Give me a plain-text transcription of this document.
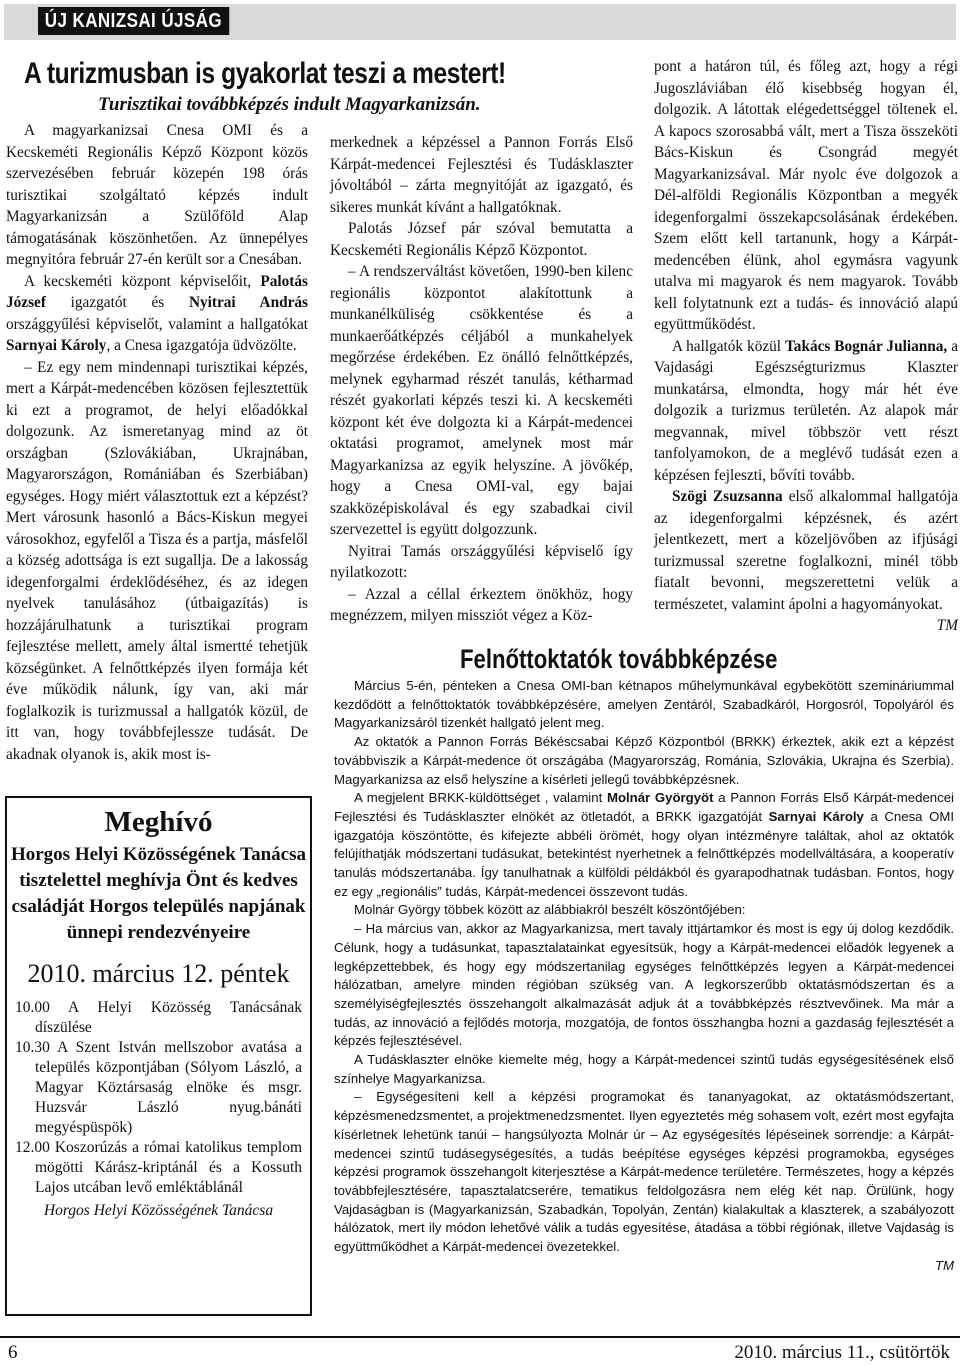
ÚJ KANIZSAI ÚJSÁG
A turizmusban is gyakorlat teszi a mestert!
Turisztikai továbbképzés indult Magyarkanizsán.

A magyarkanizsai Cnesa OMI és a Kecskeméti Regionális Képző Központ közös szervezésében február közepén 198 órás turisztikai szolgáltató képzés indult Magyarkanizsán a Szülőföld Alap támogatásának köszönhetően. Az ünnepélyes megnyitóra február 27-én került sor a Cnesában.

A kecskeméti központ képviselőit, Palotás József igazgatót és Nyitrai András országgyűlési képviselőt, valamint a hallgatókat Sarnyai Károly, a Cnesa igazgatója üdvözölte.

– Ez egy nem mindennapi turisztikai képzés, mert a Kárpát-medencében közösen fejlesztettük ki ezt a programot, de helyi előadókkal dolgozunk. Az ismeretanyag mind az öt országban (Szlovákiában, Ukrajnában, Magyarországon, Romániában és Szerbiában) egységes. Hogy miért választottuk ezt a képzést? Mert városunk hasonló a Bács-Kiskun megyei városokhoz, egyfelől a Tisza és a partja, másfelől a község adottsága is ezt sugallja. De a lakosság idegenforgalmi érdeklődéséhez, és az idegen nyelvek tanulásához (útbaigazítás) is hozzájárulhatunk a turisztikai program fejlesztése mellett, amely által ismertté tehetjük községünket. A felnőttképzés ilyen formája két éve működik nálunk, így van, aki már foglalkozik is turizmussal a hallgatók közül, de itt van, hogy továbbfejlessze tudását. De akadnak olyanok is, akik most is-

merkednek a képzéssel a Pannon Forrás Első Kárpát-medencei Fejlesztési és Tudásklaszter jóvoltából – zárta megnyitóját az igazgató, és sikeres munkát kívánt a hallgatóknak.

Palotás József pár szóval bemutatta a Kecskeméti Regionális Képző Központot.

– A rendszerváltást követően, 1990-ben kilenc regionális központot alakítottunk a munkanélküliség csökkentése és a munkaerőátképzés céljából a munkahelyek megőrzése érdekében. Ez önálló felnőttképzés, melynek egyharmad részét tanulás, kétharmad részét gyakorlati képzés teszi ki. A kecskeméti központ két éve dolgozta ki a Kárpát-medencei oktatási programot, amelynek most már Magyarkanizsa az egyik helyszíne. A jövőkép, hogy a Cnesa OMI-val, egy bajai szakközépiskolával és egy szabadkai civil szervezettel is együtt dolgozzunk.

Nyitrai Tamás országgyűlési képviselő így nyilatkozott:

– Azzal a céllal érkeztem önökhöz, hogy megnézzem, milyen missziót végez a Köz-

pont a határon túl, és főleg azt, hogy a régi Jugoszláviában élő kisebbség hogyan él, dolgozik. A látottak elégedettséggel töltenek el. A kapocs szorosabbá vált, mert a Tisza összeköti Bács-Kiskun és Csongrád megyét Magyarkanizsával. Már nyolc éve dolgozok a Dél-alföldi Regionális Központban a megyék idegenforgalmi összekapcsolásának érdekében. Szem előtt kell tartanunk, hogy a Kárpát-medencében élünk, ahol egymásra vagyunk utalva mi magyarok és nem magyarok. Tovább kell folytatnunk ezt a tudás- és innováció alapú együttműködést.

A hallgatók közül Takács Bognár Julianna, a Vajdasági Egészségturizmus Klaszter munkatársa, elmondta, hogy már hét éve dolgozik a turizmus területén. Az alapok már megvannak, mivel többször vett részt tanfolyamokon, de a meglévő tudását ezen a képzésen fejleszti, bővíti tovább.

Szögi Zsuzsanna első alkalommal hallgatója az idegenforgalmi képzésnek, és azért jelentkezett, mert a közeljövőben az ifjúsági turizmussal szeretne foglalkozni, minél több fiatalt bevonni, megszerettetni velük a természetet, valamint ápolni a hagyományokat.

TM
Meghívó
Horgos Helyi Közösségének Tanácsa tisztelettel meghívja Önt és kedves családját Horgos település napjának ünnepi rendezvényeire
2010. március 12. péntek

10.00 A Helyi Közösség Tanácsának díszülése

10.30 A Szent István mellszobor avatása a település központjában (Sólyom László, a Magyar Köztársaság elnöke és msgr. Huzsvár László nyug.bánáti megyéspüspök)

12.00 Koszorúzás a római katolikus templom mögötti Kárász-kriptánál és a Kossuth Lajos utcában levő emléktáblánál

Horgos Helyi Közösségének Tanácsa
Felnőttoktatók továbbképzése

Március 5-én, pénteken a Cnesa OMI-ban kétnapos műhelymunkával egybekötött szemináriummal kezdődött a felnőttoktatók továbbképzésére, amelyen Zentáról, Szabadkáról, Horgosról, Topolyáról és Magyarkanizsáról tizenkét hallgató jelent meg.

Az oktatók a Pannon Forrás Békéscsabai Képző Központból (BRKK) érkeztek, akik ezt a képzést továbbviszik a Kárpát-medence öt országába (Magyarország, Románia, Szlovákia, Ukrajna és Szerbia). Magyarkanizsa az első helyszíne a kísérleti jellegű továbbképzésnek.

A megjelent BRKK-küldöttséget , valamint Molnár Györgyöt a Pannon Forrás Első Kárpát-medencei Fejlesztési és Tudásklaszter elnökét az ötletadót, a BRKK igazgatóját Sarnyai Károly a Cnesa OMI igazgatója köszöntötte, és kifejezte abbéli örömét, hogy olyan intézményre találtak, ahol az oktatók felújíthatják módszertani tudásukat, betekintést nyerhetnek a felnőttképzés modellváltására, a kooperatív tanulás módszertanába. Így tanulhatnak a külföldi példákból és gyarapodhatnak tudásban. Fontos, hogy ez egy „regionális” tudás, Kárpát-medencei összevont tudás.

Molnár György többek között az alábbiakról beszélt köszöntőjében:

– Ha március van, akkor az Magyarkanizsa, mert tavaly ittjártamkor és most is egy új dolog kezdődik. Célunk, hogy a tudásunkat, tapasztalatainkat egyesítsük, hogy a Kárpát-medencei előadók legyenek a legképzettebbek, és hogy egy módszertanilag egységes felnőttképzés legyen a Kárpát-medencei hálózatban, amelyre minden régióban szükség van. A legkorszerűbb oktatásmódszertan és a személyiségfejlesztés összehangolt alkalmazását adjuk át a továbbképzés résztvevőinek. Ma már a tudás, az innováció a fejlődés motorja, mozgatója, de fontos összhangba hozni a gazdaság fejlesztését a képzés fejlesztésével.

A Tudásklaszter elnöke kiemelte még, hogy a Kárpát-medencei szintű tudás egységesítésének első színhelye Magyarkanizsa.

– Egységesíteni kell a képzési programokat és tananyagokat, az oktatásmódszertant, képzésmenedzsmentet, a projektmenedzsmentet. Ilyen egyeztetés még sohasem volt, ezért most egyfajta kísérletnek lehetünk tanúi – hangsúlyozta Molnár úr – Az egységesítés lépéseinek sorrendje: a Kárpát-medencei szintű tudásegységesítés, a tudás beépítése egységes képzési programokba, egységes képzési programok összehangolt kiterjesztése a Kárpát-medence területére. Természetes, hogy a képzés továbbfejlesztésére, tapasztalatcserére, tematikus feldolgozásra nem elég két nap. Örülünk, hogy Vajdaságban is (Magyarkanizsán, Szabadkán, Topolyán, Zentán) kialakultak a klaszterek, a szabályozott hálózatok, mert ily módon lehetővé válik a tudás egyesítése, átadása a többi régiónak, illetve Vajdaság is együttműködhet a Kárpát-medencei övezetekkel.

TM
6	2010. március 11., csütörtök
